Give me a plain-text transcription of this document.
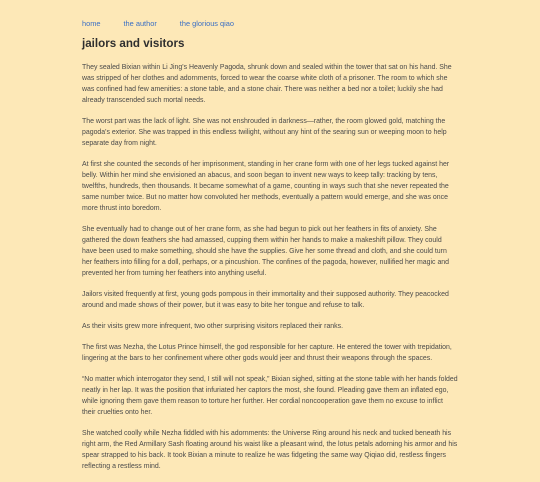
home	the author	the glorious qiao
jailors and visitors

They sealed Bixian within Li Jing's Heavenly Pagoda, shrunk down and sealed within the tower that sat on his hand. She was stripped of her clothes and adornments, forced to wear the coarse white cloth of a prisoner. The room to which she was confined had few amenities: a stone table, and a stone chair. There was neither a bed nor a toilet; luckily she had already transcended such mortal needs.

The worst part was the lack of light. She was not enshrouded in darkness—rather, the room glowed gold, matching the pagoda's exterior. She was trapped in this endless twilight, without any hint of the searing sun or weeping moon to help separate day from night.

At first she counted the seconds of her imprisonment, standing in her crane form with one of her legs tucked against her belly. Within her mind she envisioned an abacus, and soon began to invent new ways to keep tally: tracking by tens, twelfths, hundreds, then thousands. It became somewhat of a game, counting in ways such that she never repeated the same number twice. But no matter how convoluted her methods, eventually a pattern would emerge, and she was once more thrust into boredom.

She eventually had to change out of her crane form, as she had begun to pick out her feathers in fits of anxiety. She gathered the down feathers she had amassed, cupping them within her hands to make a makeshift pillow. They could have been used to make something, should she have the supplies. Give her some thread and cloth, and she could turn her feathers into filling for a doll, perhaps, or a pincushion. The confines of the pagoda, however, nullified her magic and prevented her from turning her feathers into anything useful.

Jailors visited frequently at first, young gods pompous in their immortality and their supposed authority. They peacocked around and made shows of their power, but it was easy to bite her tongue and refuse to talk.

As their visits grew more infrequent, two other surprising visitors replaced their ranks.

The first was Nezha, the Lotus Prince himself, the god responsible for her capture. He entered the tower with trepidation, lingering at the bars to her confinement where other gods would jeer and thrust their weapons through the spaces.

“No matter which interrogator they send, I still will not speak,” Bixian sighed, sitting at the stone table with her hands folded neatly in her lap. It was the position that infuriated her captors the most, she found. Pleading gave them an inflated ego, while ignoring them gave them reason to torture her further. Her cordial noncooperation gave them no excuse to inflict their cruelties onto her.

She watched coolly while Nezha fiddled with his adornments: the Universe Ring around his neck and tucked beneath his right arm, the Red Armillary Sash floating around his waist like a pleasant wind, the lotus petals adorning his armor and his spear strapped to his back. It took Bixian a minute to realize he was fidgeting the same way Qiqiao did, restless fingers reflecting a restless mind.
